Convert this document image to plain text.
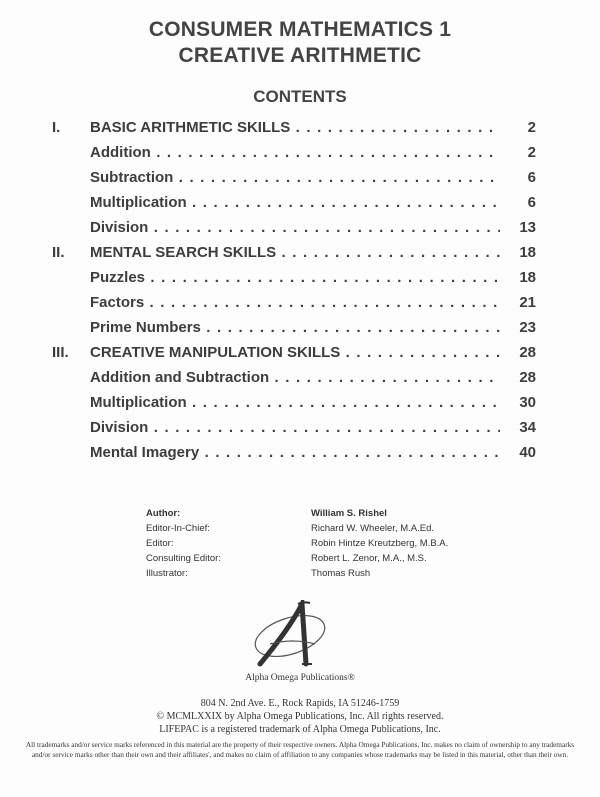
CONSUMER MATHEMATICS 1
CREATIVE ARITHMETIC
CONTENTS
I. BASIC ARITHMETIC SKILLS . . .	2
Addition . . .	2
Subtraction . . .	6
Multiplication . . .	6
Division . . .	13
II. MENTAL SEARCH SKILLS . . .	18
Puzzles . . .	18
Factors . . .	21
Prime Numbers . . .	23
III. CREATIVE MANIPULATION SKILLS . . .	28
Addition and Subtraction . . .	28
Multiplication . . .	30
Division . . .	34
Mental Imagery . . .	40
Author:	William S. Rishel
Editor-In-Chief:	Richard W. Wheeler, M.A.Ed.
Editor:	Robin Hintze Kreutzberg, M.B.A.
Consulting Editor:	Robert L. Zenor, M.A., M.S.
Illustrator:	Thomas Rush
Alpha Omega Publications®
804 N. 2nd Ave. E., Rock Rapids, IA 51246-1759
© MCMLXXIX by Alpha Omega Publications, Inc. All rights reserved.
LIFEPAC is a registered trademark of Alpha Omega Publications, Inc.
All trademarks and/or service marks referenced in this material are the property of their respective owners. Alpha Omega Publications, Inc. makes no claim of ownership to any trademarks and/or service marks other than their own and their affiliates', and makes no claim of affiliation to any companies whose trademarks may be listed in this material, other than their own.
